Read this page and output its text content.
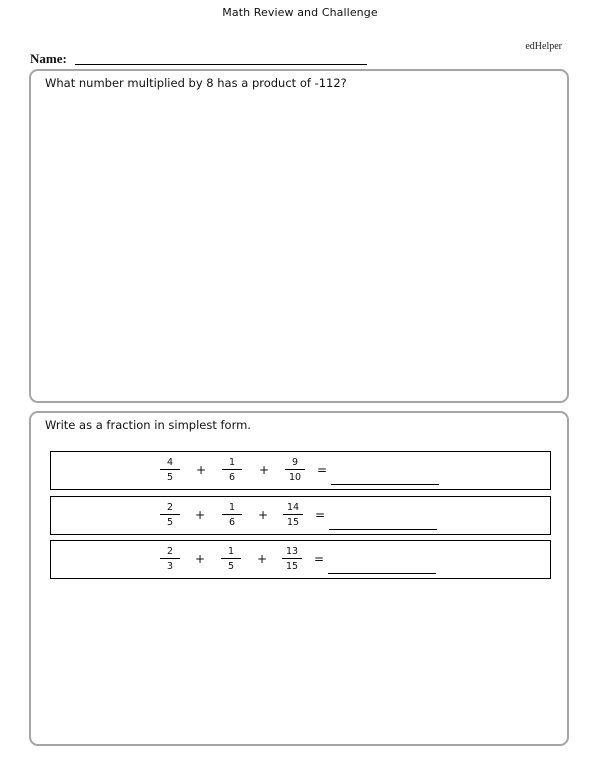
Math Review and Challenge
edHelper
Name:
What number multiplied by 8 has a product of -112?
Write as a fraction in simplest form.
4
5
+
1
6
+
9
10
=
2
5
+
1
6
+
14
15
=
2
3
+
1
5
+
13
15
=
